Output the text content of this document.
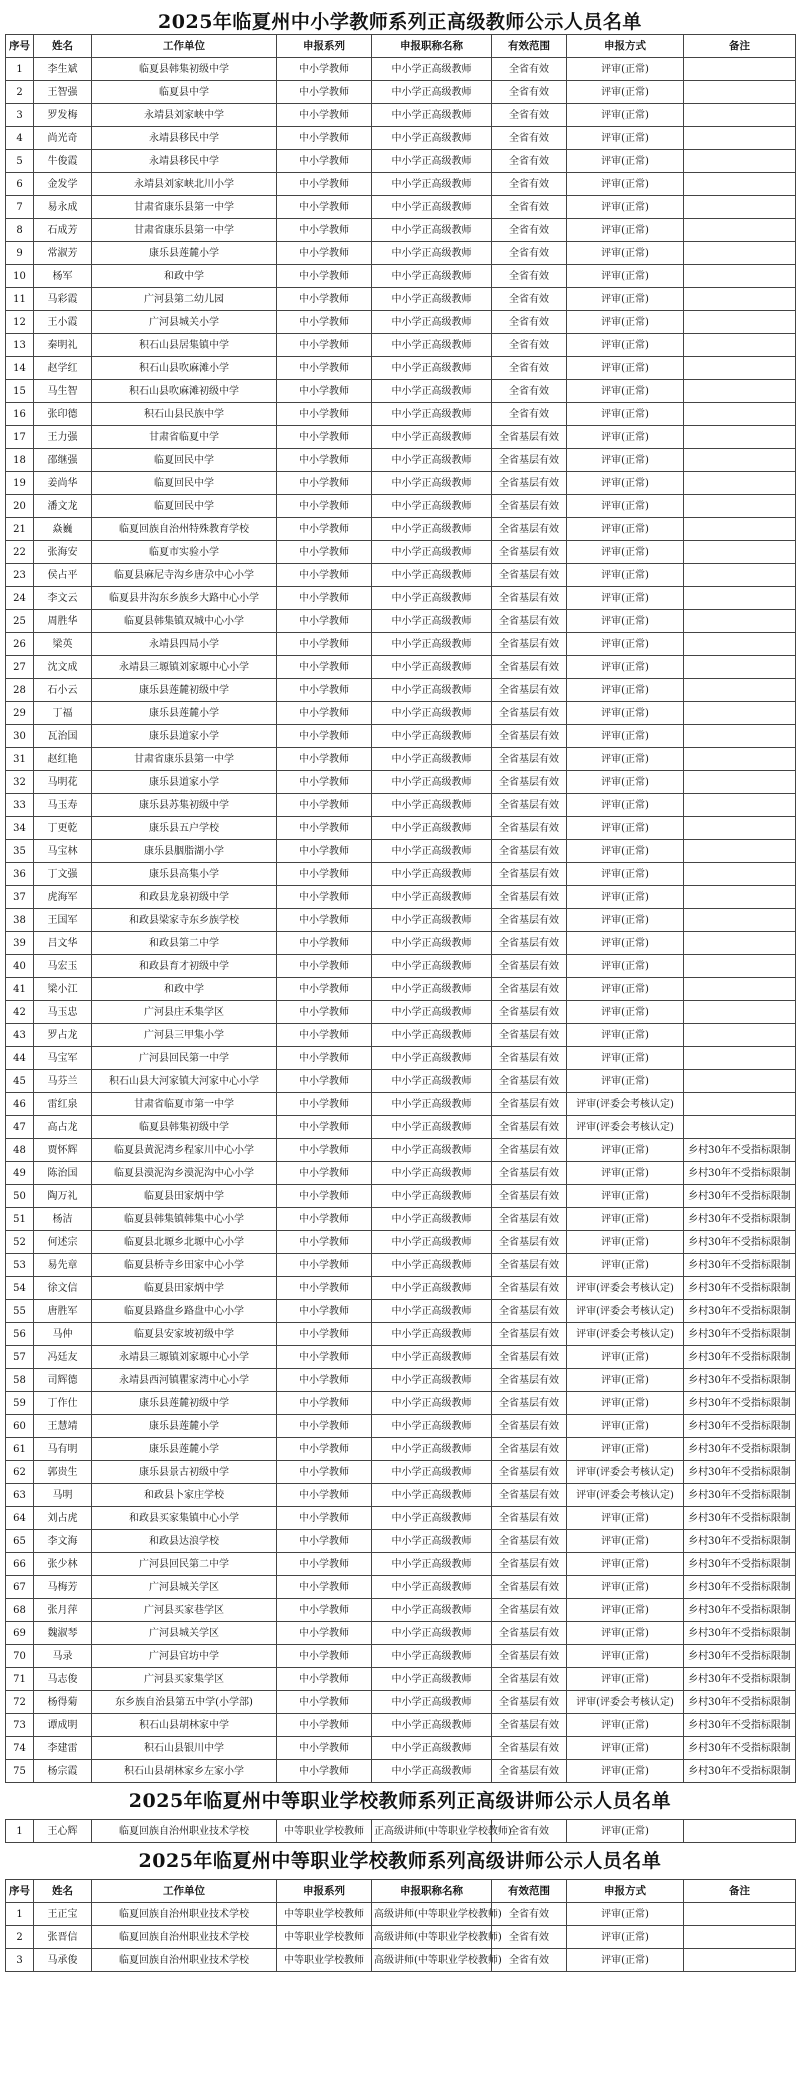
2025年临夏州中小学教师系列正高级教师公示人员名单
序号	姓名	工作单位	申报系列	申报职称名称	有效范围	申报方式	备注
1	李生斌	临夏县韩集初级中学	中小学教师	中小学正高级教师	全省有效	评审(正常)	
2	王智强	临夏县中学	中小学教师	中小学正高级教师	全省有效	评审(正常)	
3	罗发梅	永靖县刘家峡中学	中小学教师	中小学正高级教师	全省有效	评审(正常)	
4	尚光奇	永靖县移民中学	中小学教师	中小学正高级教师	全省有效	评审(正常)	
5	牛俊霞	永靖县移民中学	中小学教师	中小学正高级教师	全省有效	评审(正常)	
6	金发学	永靖县刘家峡北川小学	中小学教师	中小学正高级教师	全省有效	评审(正常)	
7	易永成	甘肃省康乐县第一中学	中小学教师	中小学正高级教师	全省有效	评审(正常)	
8	石成芳	甘肃省康乐县第一中学	中小学教师	中小学正高级教师	全省有效	评审(正常)	
9	常淑芳	康乐县莲麓小学	中小学教师	中小学正高级教师	全省有效	评审(正常)	
10	杨军	和政中学	中小学教师	中小学正高级教师	全省有效	评审(正常)	
11	马彩霞	广河县第二幼儿园	中小学教师	中小学正高级教师	全省有效	评审(正常)	
12	王小霞	广河县城关小学	中小学教师	中小学正高级教师	全省有效	评审(正常)	
13	秦明礼	积石山县居集镇中学	中小学教师	中小学正高级教师	全省有效	评审(正常)	
14	赵学红	积石山县吹麻滩小学	中小学教师	中小学正高级教师	全省有效	评审(正常)	
15	马生智	积石山县吹麻滩初级中学	中小学教师	中小学正高级教师	全省有效	评审(正常)	
16	张印德	积石山县民族中学	中小学教师	中小学正高级教师	全省有效	评审(正常)	
17	王力强	甘肃省临夏中学	中小学教师	中小学正高级教师	全省基层有效	评审(正常)	
18	邵继强	临夏回民中学	中小学教师	中小学正高级教师	全省基层有效	评审(正常)	
19	姜尚华	临夏回民中学	中小学教师	中小学正高级教师	全省基层有效	评审(正常)	
20	潘文龙	临夏回民中学	中小学教师	中小学正高级教师	全省基层有效	评审(正常)	
21	焱巍	临夏回族自治州特殊教育学校	中小学教师	中小学正高级教师	全省基层有效	评审(正常)	
22	张海安	临夏市实验小学	中小学教师	中小学正高级教师	全省基层有效	评审(正常)	
23	侯占平	临夏县麻尼寺沟乡唐尕中心小学	中小学教师	中小学正高级教师	全省基层有效	评审(正常)	
24	李文云	临夏县井沟东乡族乡大路中心小学	中小学教师	中小学正高级教师	全省基层有效	评审(正常)	
25	周胜华	临夏县韩集镇双城中心小学	中小学教师	中小学正高级教师	全省基层有效	评审(正常)	
26	梁英	永靖县四局小学	中小学教师	中小学正高级教师	全省基层有效	评审(正常)	
27	沈文成	永靖县三塬镇刘家塬中心小学	中小学教师	中小学正高级教师	全省基层有效	评审(正常)	
28	石小云	康乐县莲麓初级中学	中小学教师	中小学正高级教师	全省基层有效	评审(正常)	
29	丁福	康乐县莲麓小学	中小学教师	中小学正高级教师	全省基层有效	评审(正常)	
30	瓦治国	康乐县道家小学	中小学教师	中小学正高级教师	全省基层有效	评审(正常)	
31	赵红艳	甘肃省康乐县第一中学	中小学教师	中小学正高级教师	全省基层有效	评审(正常)	
32	马明花	康乐县道家小学	中小学教师	中小学正高级教师	全省基层有效	评审(正常)	
33	马玉寿	康乐县苏集初级中学	中小学教师	中小学正高级教师	全省基层有效	评审(正常)	
34	丁更乾	康乐县五户学校	中小学教师	中小学正高级教师	全省基层有效	评审(正常)	
35	马宝林	康乐县胭脂湖小学	中小学教师	中小学正高级教师	全省基层有效	评审(正常)	
36	丁文强	康乐县高集小学	中小学教师	中小学正高级教师	全省基层有效	评审(正常)	
37	虎海军	和政县龙泉初级中学	中小学教师	中小学正高级教师	全省基层有效	评审(正常)	
38	王国军	和政县梁家寺东乡族学校	中小学教师	中小学正高级教师	全省基层有效	评审(正常)	
39	吕文华	和政县第二中学	中小学教师	中小学正高级教师	全省基层有效	评审(正常)	
40	马宏玉	和政县育才初级中学	中小学教师	中小学正高级教师	全省基层有效	评审(正常)	
41	梁小江	和政中学	中小学教师	中小学正高级教师	全省基层有效	评审(正常)	
42	马玉忠	广河县庄禾集学区	中小学教师	中小学正高级教师	全省基层有效	评审(正常)	
43	罗占龙	广河县三甲集小学	中小学教师	中小学正高级教师	全省基层有效	评审(正常)	
44	马宝军	广河县回民第一中学	中小学教师	中小学正高级教师	全省基层有效	评审(正常)	
45	马芬兰	积石山县大河家镇大河家中心小学	中小学教师	中小学正高级教师	全省基层有效	评审(正常)	
46	雷红泉	甘肃省临夏市第一中学	中小学教师	中小学正高级教师	全省基层有效	评审(评委会考核认定)	
47	高占龙	临夏县韩集初级中学	中小学教师	中小学正高级教师	全省基层有效	评审(评委会考核认定)	
48	贾怀辉	临夏县黄泥湾乡程家川中心小学	中小学教师	中小学正高级教师	全省基层有效	评审(正常)	乡村30年不受指标限制
49	陈治国	临夏县漠泥沟乡漠泥沟中心小学	中小学教师	中小学正高级教师	全省基层有效	评审(正常)	乡村30年不受指标限制
50	陶万礼	临夏县田家炳中学	中小学教师	中小学正高级教师	全省基层有效	评审(正常)	乡村30年不受指标限制
51	杨洁	临夏县韩集镇韩集中心小学	中小学教师	中小学正高级教师	全省基层有效	评审(正常)	乡村30年不受指标限制
52	何述宗	临夏县北塬乡北塬中心小学	中小学教师	中小学正高级教师	全省基层有效	评审(正常)	乡村30年不受指标限制
53	易先章	临夏县桥寺乡田家中心小学	中小学教师	中小学正高级教师	全省基层有效	评审(正常)	乡村30年不受指标限制
54	徐文信	临夏县田家炳中学	中小学教师	中小学正高级教师	全省基层有效	评审(评委会考核认定)	乡村30年不受指标限制
55	唐胜军	临夏县路盘乡路盘中心小学	中小学教师	中小学正高级教师	全省基层有效	评审(评委会考核认定)	乡村30年不受指标限制
56	马仲	临夏县安家坡初级中学	中小学教师	中小学正高级教师	全省基层有效	评审(评委会考核认定)	乡村30年不受指标限制
57	冯廷友	永靖县三塬镇刘家塬中心小学	中小学教师	中小学正高级教师	全省基层有效	评审(正常)	乡村30年不受指标限制
58	司辉德	永靖县西河镇瞿家湾中心小学	中小学教师	中小学正高级教师	全省基层有效	评审(正常)	乡村30年不受指标限制
59	丁作仕	康乐县莲麓初级中学	中小学教师	中小学正高级教师	全省基层有效	评审(正常)	乡村30年不受指标限制
60	王慧靖	康乐县莲麓小学	中小学教师	中小学正高级教师	全省基层有效	评审(正常)	乡村30年不受指标限制
61	马有明	康乐县莲麓小学	中小学教师	中小学正高级教师	全省基层有效	评审(正常)	乡村30年不受指标限制
62	郭贵生	康乐县景古初级中学	中小学教师	中小学正高级教师	全省基层有效	评审(评委会考核认定)	乡村30年不受指标限制
63	马明	和政县卜家庄学校	中小学教师	中小学正高级教师	全省基层有效	评审(评委会考核认定)	乡村30年不受指标限制
64	刘占虎	和政县买家集镇中心小学	中小学教师	中小学正高级教师	全省基层有效	评审(正常)	乡村30年不受指标限制
65	李文海	和政县达浪学校	中小学教师	中小学正高级教师	全省基层有效	评审(正常)	乡村30年不受指标限制
66	张少林	广河县回民第二中学	中小学教师	中小学正高级教师	全省基层有效	评审(正常)	乡村30年不受指标限制
67	马梅芳	广河县城关学区	中小学教师	中小学正高级教师	全省基层有效	评审(正常)	乡村30年不受指标限制
68	张月萍	广河县买家巷学区	中小学教师	中小学正高级教师	全省基层有效	评审(正常)	乡村30年不受指标限制
69	魏淑琴	广河县城关学区	中小学教师	中小学正高级教师	全省基层有效	评审(正常)	乡村30年不受指标限制
70	马录	广河县官坊中学	中小学教师	中小学正高级教师	全省基层有效	评审(正常)	乡村30年不受指标限制
71	马志俊	广河县买家集学区	中小学教师	中小学正高级教师	全省基层有效	评审(正常)	乡村30年不受指标限制
72	杨得菊	东乡族自治县第五中学(小学部)	中小学教师	中小学正高级教师	全省基层有效	评审(评委会考核认定)	乡村30年不受指标限制
73	谭成明	积石山县胡林家中学	中小学教师	中小学正高级教师	全省基层有效	评审(正常)	乡村30年不受指标限制
74	李建雷	积石山县银川中学	中小学教师	中小学正高级教师	全省基层有效	评审(正常)	乡村30年不受指标限制
75	杨宗霞	积石山县胡林家乡左家小学	中小学教师	中小学正高级教师	全省基层有效	评审(正常)	乡村30年不受指标限制
2025年临夏州中等职业学校教师系列正高级讲师公示人员名单
1	王心辉	临夏回族自治州职业技术学校	中等职业学校教师	正高级讲师(中等职业学校教师)	全省有效	评审(正常)	
2025年临夏州中等职业学校教师系列高级讲师公示人员名单
序号	姓名	工作单位	申报系列	申报职称名称	有效范围	申报方式	备注
1	王正宝	临夏回族自治州职业技术学校	中等职业学校教师	高级讲师(中等职业学校教师)	全省有效	评审(正常)	
2	张晋信	临夏回族自治州职业技术学校	中等职业学校教师	高级讲师(中等职业学校教师)	全省有效	评审(正常)	
3	马承俊	临夏回族自治州职业技术学校	中等职业学校教师	高级讲师(中等职业学校教师)	全省有效	评审(正常)	
